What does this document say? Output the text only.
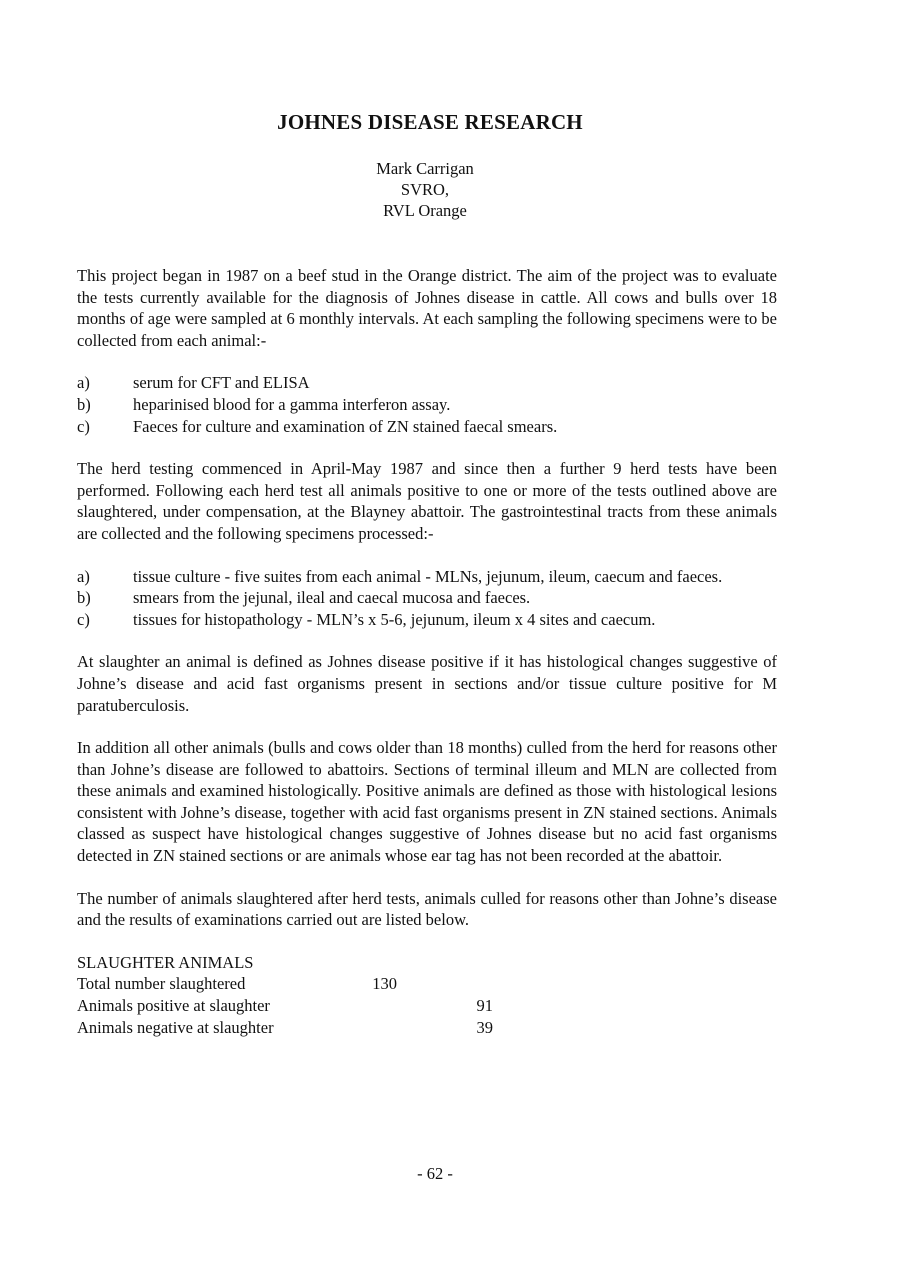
JOHNES DISEASE RESEARCH
Mark Carrigan
SVRO,
RVL Orange

This project began in 1987 on a beef stud in the Orange district. The aim of the project was to evaluate the tests currently available for the diagnosis of Johnes disease in cattle. All cows and bulls over 18 months of age were sampled at 6 monthly intervals. At each sampling the following specimens were to be collected from each animal:-

a)	serum for CFT and ELISA
b)	heparinised blood for a gamma interferon assay.
c)	Faeces for culture and examination of ZN stained faecal smears.

The herd testing commenced in April-May 1987 and since then a further 9 herd tests have been performed. Following each herd test all animals positive to one or more of the tests outlined above are slaughtered, under compensation, at the Blayney abattoir. The gastrointestinal tracts from these animals are collected and the following specimens processed:-

a)	tissue culture - five suites from each animal - MLNs, jejunum, ileum, caecum and faeces.
b)	smears from the jejunal, ileal and caecal mucosa and faeces.
c)	tissues for histopathology - MLN’s x 5-6, jejunum, ileum x 4 sites and caecum.

At slaughter an animal is defined as Johnes disease positive if it has histological changes suggestive of Johne’s disease and acid fast organisms present in sections and/or tissue culture positive for M paratuberculosis.

In addition all other animals (bulls and cows older than 18 months) culled from the herd for reasons other than Johne’s disease are followed to abattoirs. Sections of terminal illeum and MLN are collected from these animals and examined histologically. Positive animals are defined as those with histological lesions consistent with Johne’s disease, together with acid fast organisms present in ZN stained sections. Animals classed as suspect have histological changes suggestive of Johnes disease but no acid fast organisms detected in ZN stained sections or are animals whose ear tag has not been recorded at the abattoir.

The number of animals slaughtered after herd tests, animals culled for reasons other than Johne’s disease and the results of examinations carried out are listed below.

SLAUGHTER ANIMALS
Total number slaughtered	130
Animals positive at slaughter	91
Animals negative at slaughter	39
- 62 -
